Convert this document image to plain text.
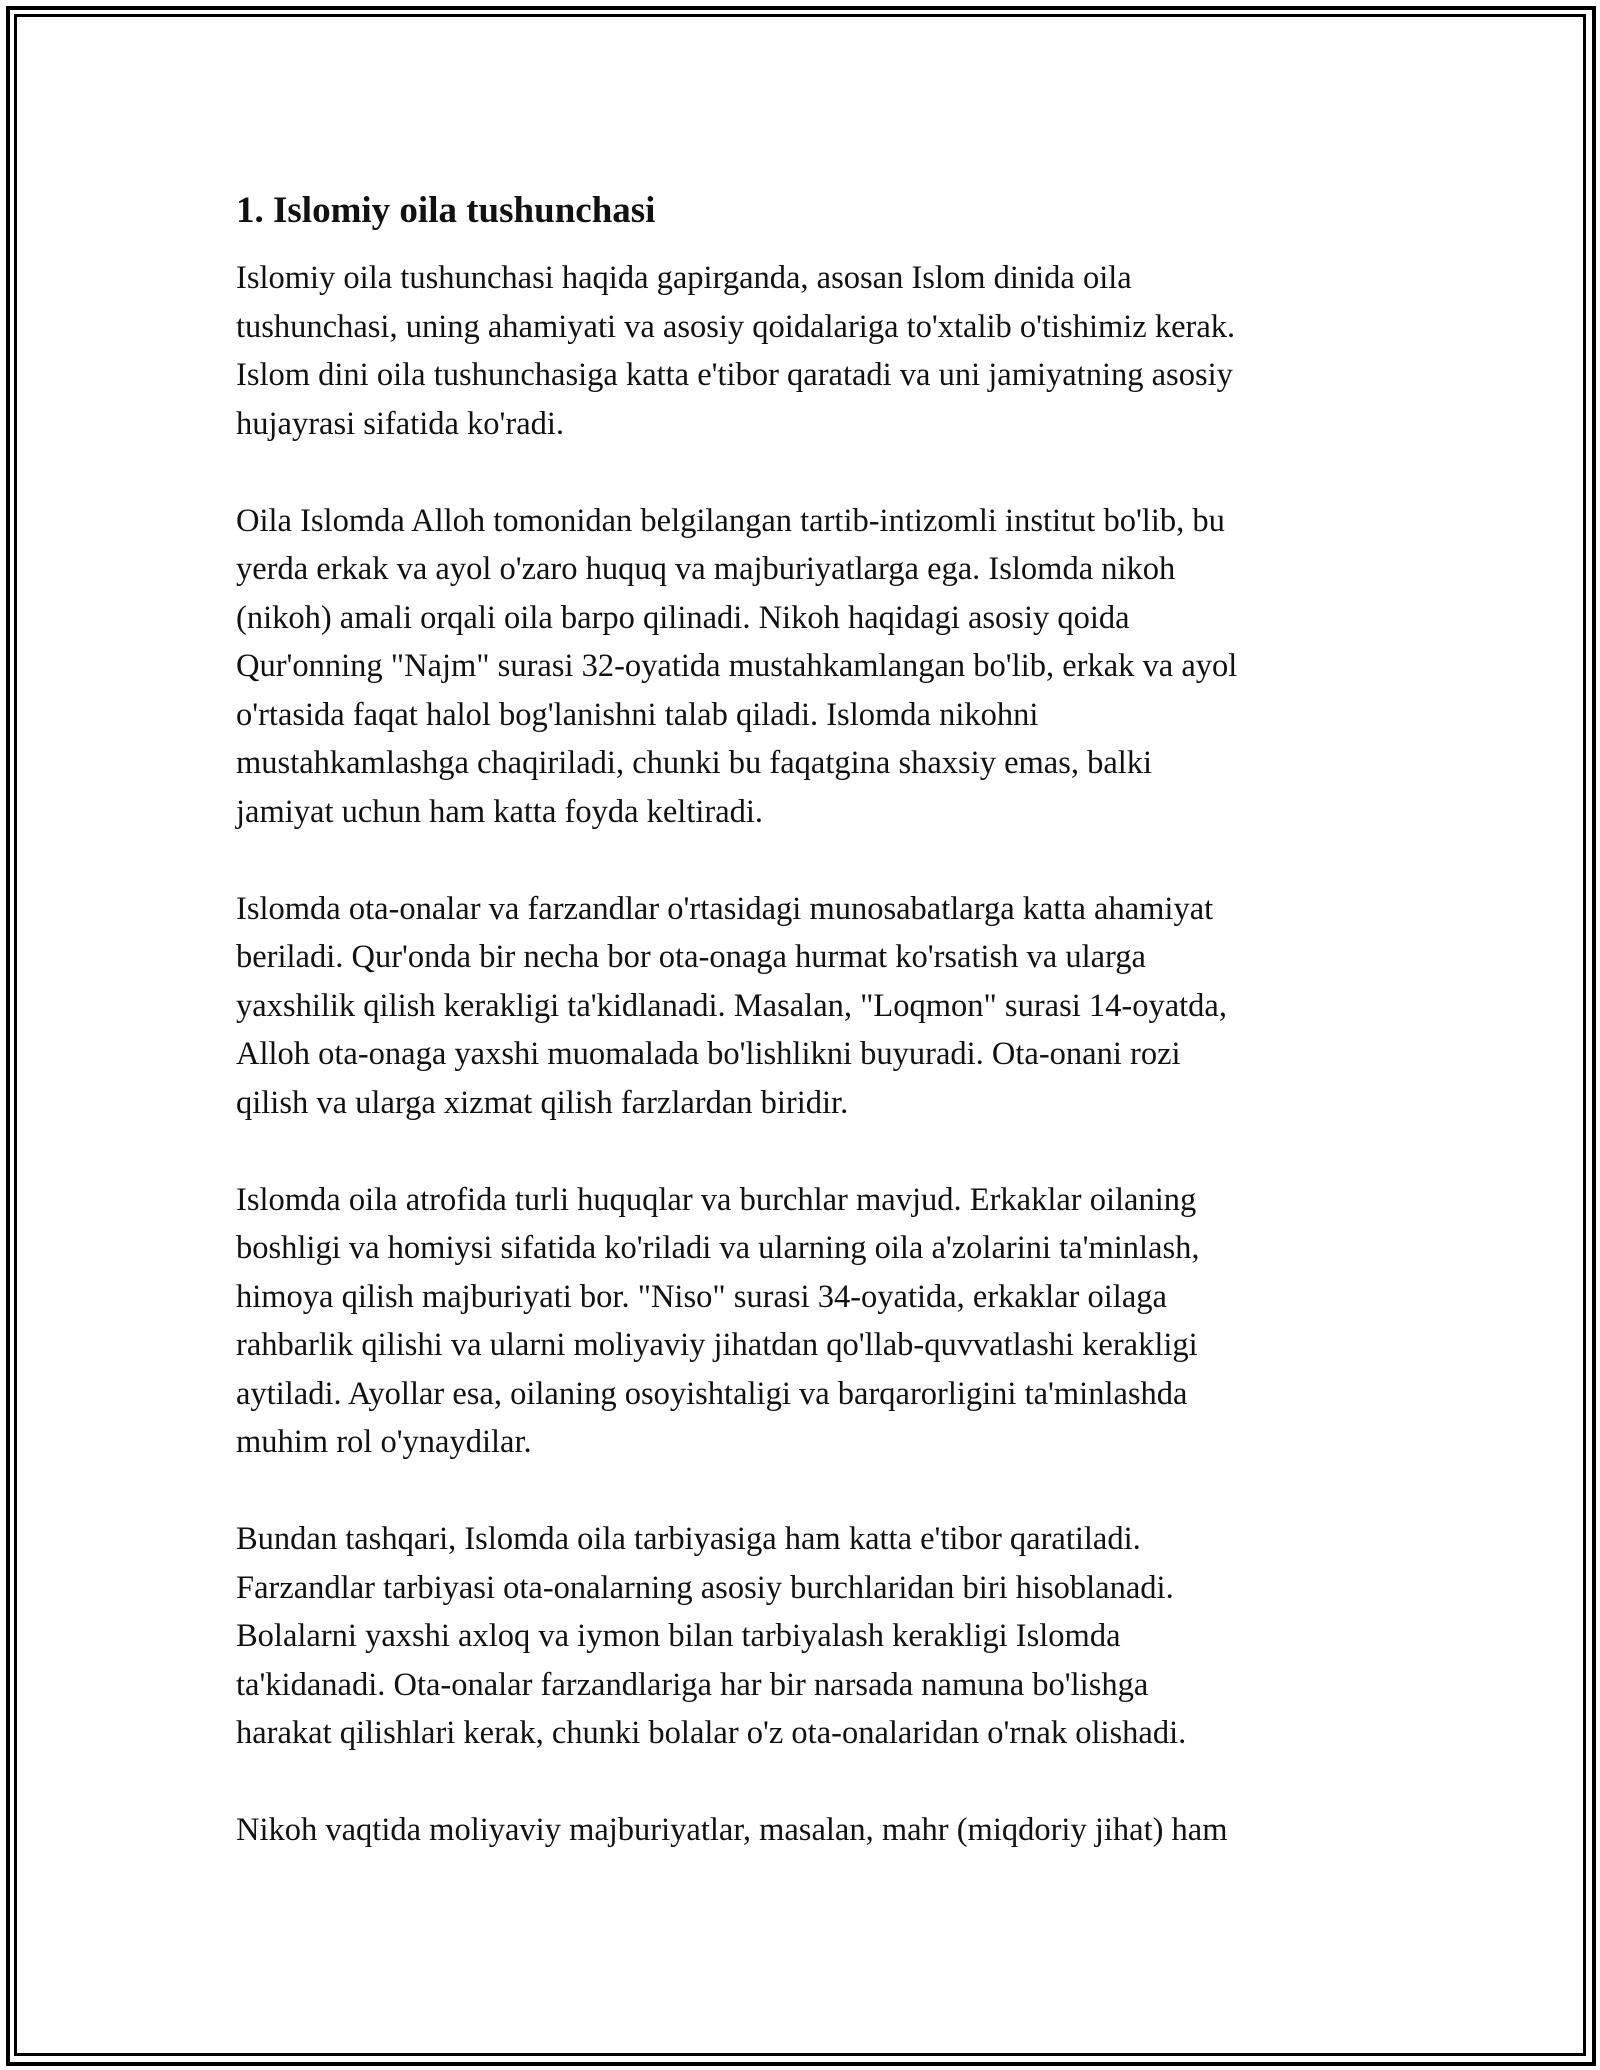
1. Islomiy oila tushunchasi

Islomiy oila tushunchasi haqida gapirganda, asosan Islom dinida oila
tushunchasi, uning ahamiyati va asosiy qoidalariga to'xtalib o'tishimiz kerak.
Islom dini oila tushunchasiga katta e'tibor qaratadi va uni jamiyatning asosiy
hujayrasi sifatida ko'radi.

Oila Islomda Alloh tomonidan belgilangan tartib-intizomli institut bo'lib, bu
yerda erkak va ayol o'zaro huquq va majburiyatlarga ega. Islomda nikoh
(nikoh) amali orqali oila barpo qilinadi. Nikoh haqidagi asosiy qoida
Qur'onning "Najm" surasi 32-oyatida mustahkamlangan bo'lib, erkak va ayol
o'rtasida faqat halol bog'lanishni talab qiladi. Islomda nikohni
mustahkamlashga chaqiriladi, chunki bu faqatgina shaxsiy emas, balki
jamiyat uchun ham katta foyda keltiradi.

Islomda ota-onalar va farzandlar o'rtasidagi munosabatlarga katta ahamiyat
beriladi. Qur'onda bir necha bor ota-onaga hurmat ko'rsatish va ularga
yaxshilik qilish kerakligi ta'kidlanadi. Masalan, "Loqmon" surasi 14-oyatda,
Alloh ota-onaga yaxshi muomalada bo'lishlikni buyuradi. Ota-onani rozi
qilish va ularga xizmat qilish farzlardan biridir.

Islomda oila atrofida turli huquqlar va burchlar mavjud. Erkaklar oilaning
boshligi va homiysi sifatida ko'riladi va ularning oila a'zolarini ta'minlash,
himoya qilish majburiyati bor. "Niso" surasi 34-oyatida, erkaklar oilaga
rahbarlik qilishi va ularni moliyaviy jihatdan qo'llab-quvvatlashi kerakligi
aytiladi. Ayollar esa, oilaning osoyishtaligi va barqarorligini ta'minlashda
muhim rol o'ynaydilar.

Bundan tashqari, Islomda oila tarbiyasiga ham katta e'tibor qaratiladi.
Farzandlar tarbiyasi ota-onalarning asosiy burchlaridan biri hisoblanadi.
Bolalarni yaxshi axloq va iymon bilan tarbiyalash kerakligi Islomda
ta'kidanadi. Ota-onalar farzandlariga har bir narsada namuna bo'lishga
harakat qilishlari kerak, chunki bolalar o'z ota-onalaridan o'rnak olishadi.

Nikoh vaqtida moliyaviy majburiyatlar, masalan, mahr (miqdoriy jihat) ham
